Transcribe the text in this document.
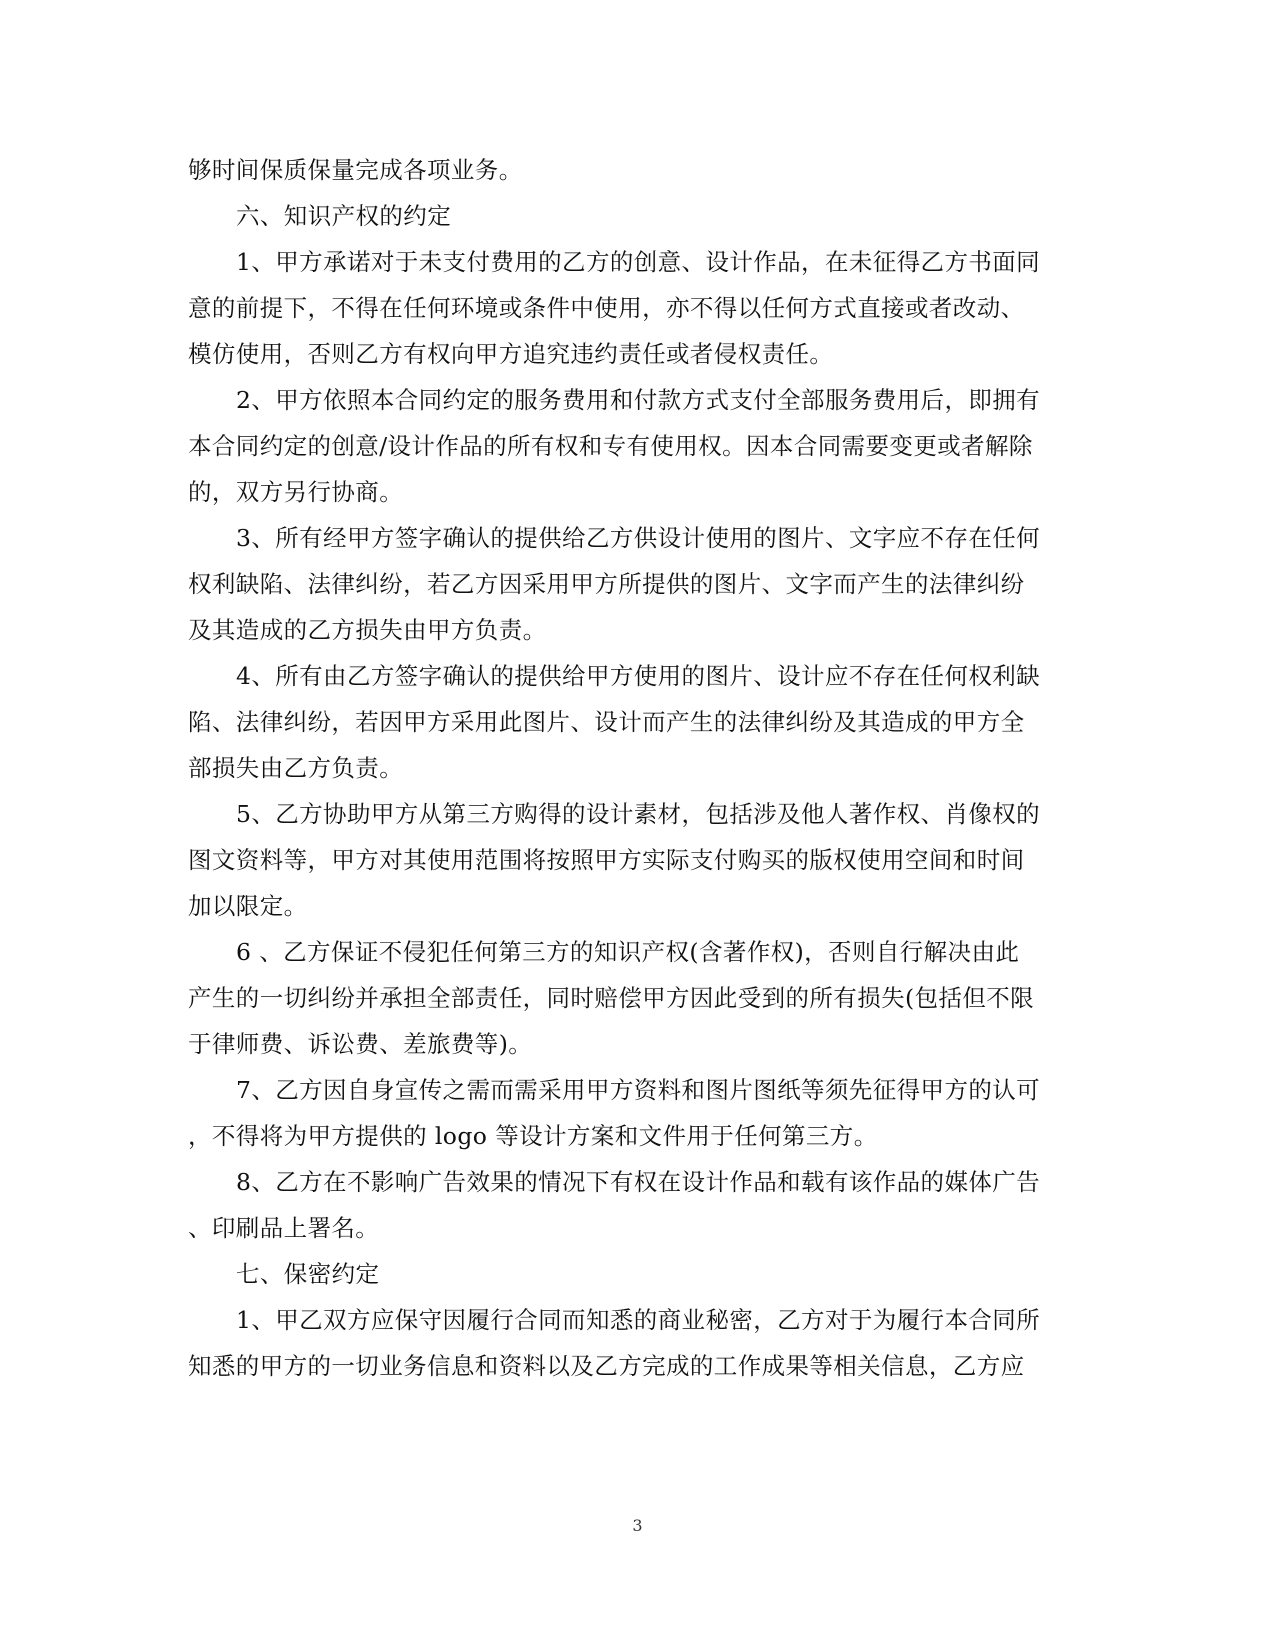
够时间保质保量完成各项业务。
六、知识产权的约定
1、甲方承诺对于未支付费用的乙方的创意、设计作品，在未征得乙方书面同
意的前提下，不得在任何环境或条件中使用，亦不得以任何方式直接或者改动、
模仿使用，否则乙方有权向甲方追究违约责任或者侵权责任。
2、甲方依照本合同约定的服务费用和付款方式支付全部服务费用后，即拥有
本合同约定的创意/设计作品的所有权和专有使用权。因本合同需要变更或者解除
的，双方另行协商。
3、所有经甲方签字确认的提供给乙方供设计使用的图片、文字应不存在任何
权利缺陷、法律纠纷，若乙方因采用甲方所提供的图片、文字而产生的法律纠纷
及其造成的乙方损失由甲方负责。
4、所有由乙方签字确认的提供给甲方使用的图片、设计应不存在任何权利缺
陷、法律纠纷，若因甲方采用此图片、设计而产生的法律纠纷及其造成的甲方全
部损失由乙方负责。
5、乙方协助甲方从第三方购得的设计素材，包括涉及他人著作权、肖像权的
图文资料等，甲方对其使用范围将按照甲方实际支付购买的版权使用空间和时间
加以限定。
6 、乙方保证不侵犯任何第三方的知识产权(含著作权)，否则自行解决由此
产生的一切纠纷并承担全部责任，同时赔偿甲方因此受到的所有损失(包括但不限
于律师费、诉讼费、差旅费等)。
7、乙方因自身宣传之需而需采用甲方资料和图片图纸等须先征得甲方的认可
，不得将为甲方提供的 logo 等设计方案和文件用于任何第三方。
8、乙方在不影响广告效果的情况下有权在设计作品和载有该作品的媒体广告
、印刷品上署名。
七、保密约定
1、甲乙双方应保守因履行合同而知悉的商业秘密，乙方对于为履行本合同所
知悉的甲方的一切业务信息和资料以及乙方完成的工作成果等相关信息，乙方应
3
